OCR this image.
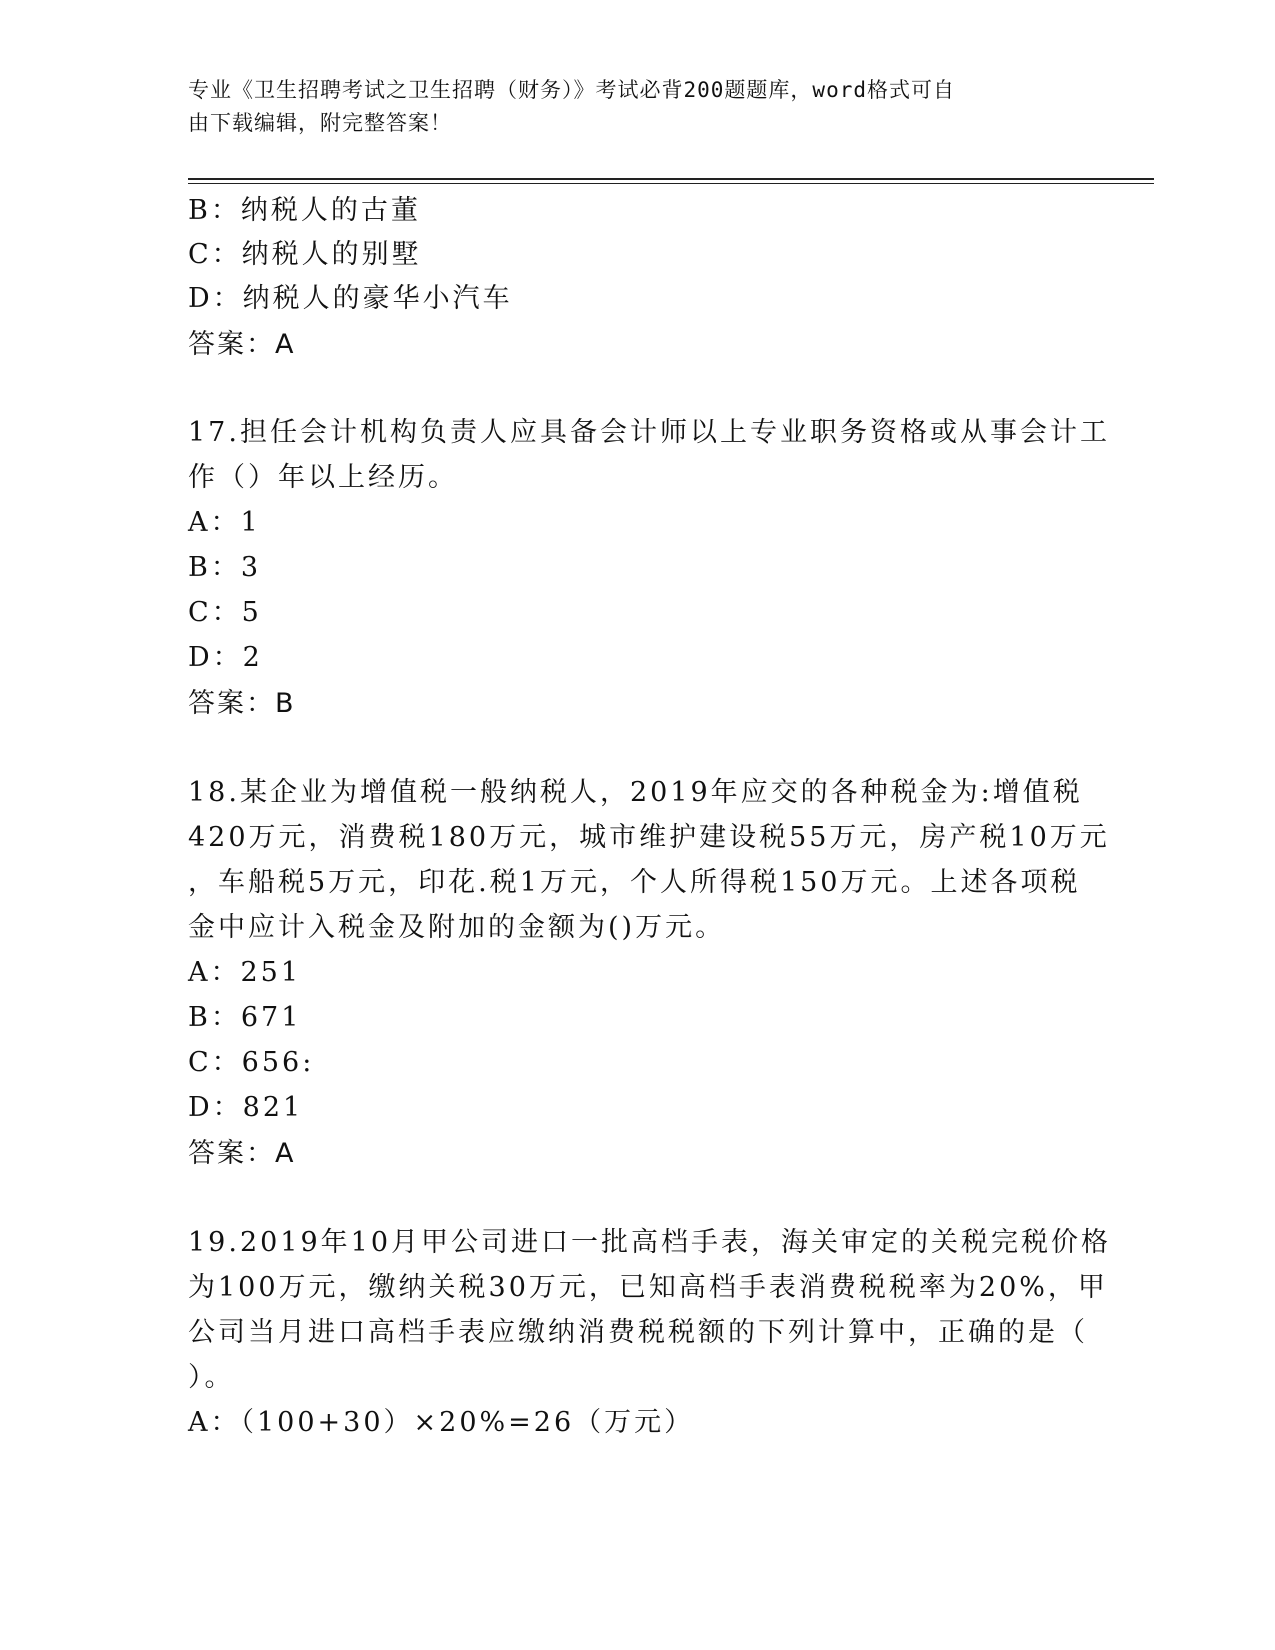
专业《卫生招聘考试之卫生招聘（财务）》考试必背200题题库，word格式可自
由下载编辑，附完整答案！
B：纳税人的古董
C：纳税人的别墅
D：纳税人的豪华小汽车
答案：A
17.担任会计机构负责人应具备会计师以上专业职务资格或从事会计工
作（）年以上经历。
A：1
B：3
C：5
D：2
答案：B
18.某企业为增值税一般纳税人，2019年应交的各种税金为:增值税
420万元，消费税180万元，城市维护建设税55万元，房产税10万元
，车船税5万元，印花.税1万元，个人所得税150万元。上述各项税
金中应计入税金及附加的金额为()万元。
A：251
B：671
C：656:
D：821
答案：A
19.2019年10月甲公司进口一批高档手表，海关审定的关税完税价格
为100万元，缴纳关税30万元，已知高档手表消费税税率为20%，甲
公司当月进口高档手表应缴纳消费税税额的下列计算中，正确的是（
）。
A：（100+30）×20%=26（万元）
